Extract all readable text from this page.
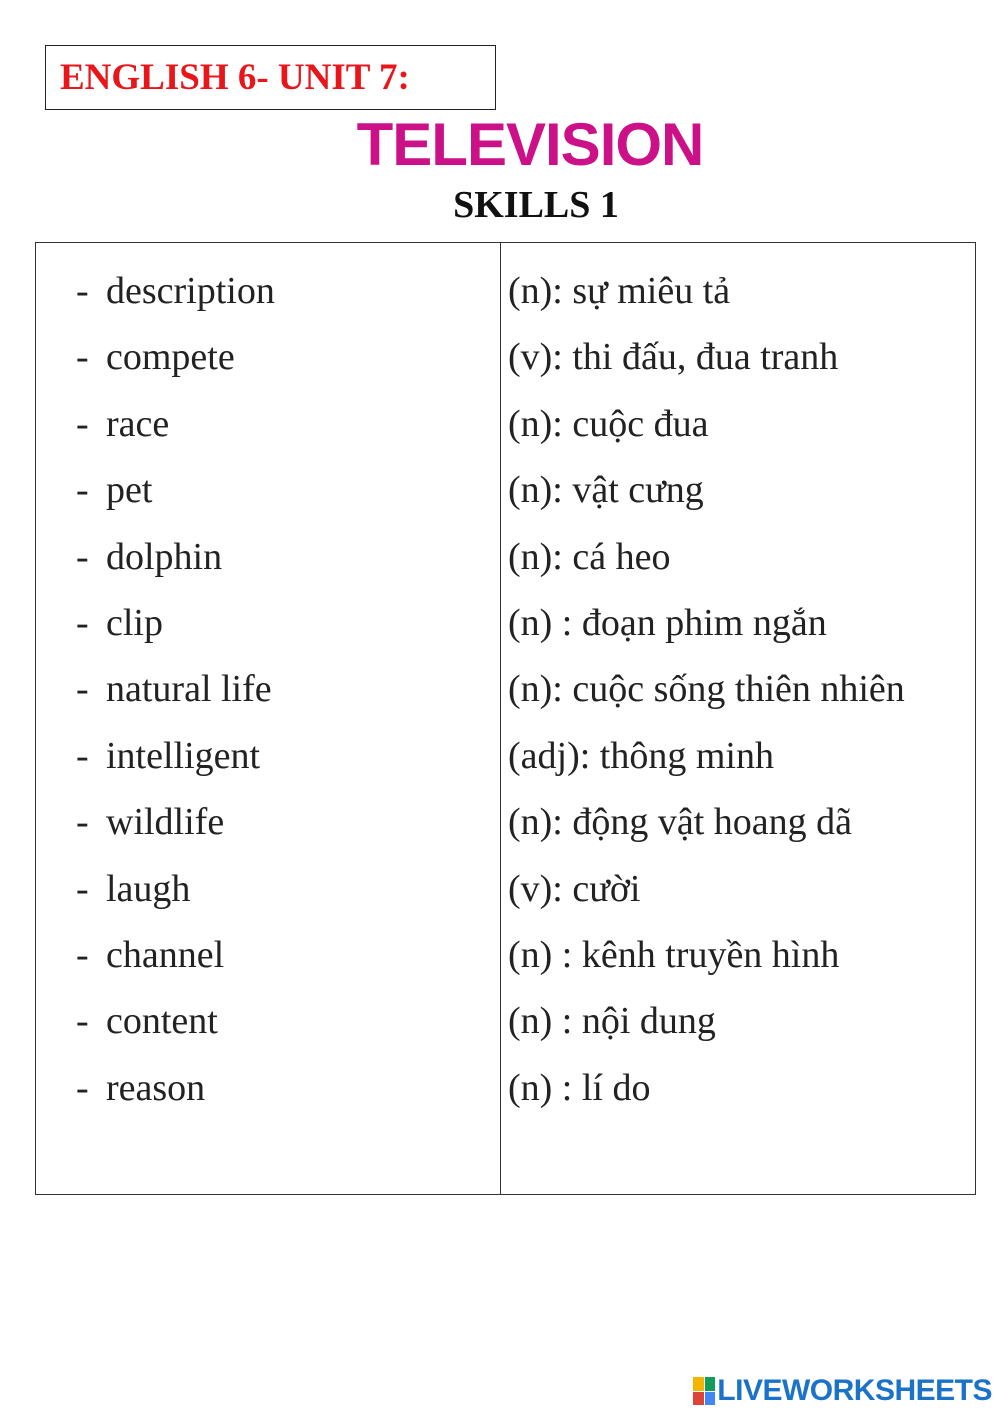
ENGLISH 6- UNIT 7:
TELEVISION
SKILLS 1
- description	(n): sự miêu tả
- compete	(v): thi đấu, đua tranh
- race	(n): cuộc đua
- pet	(n): vật cưng
- dolphin	(n): cá heo
- clip	(n) : đoạn phim ngắn
- natural life	(n): cuộc sống thiên nhiên
- intelligent	(adj): thông minh
- wildlife	(n): động vật hoang dã
- laugh	(v): cười
- channel	(n) : kênh truyền hình
- content	(n) : nội dung
- reason	(n) : lí do
LIVEWORKSHEETS
